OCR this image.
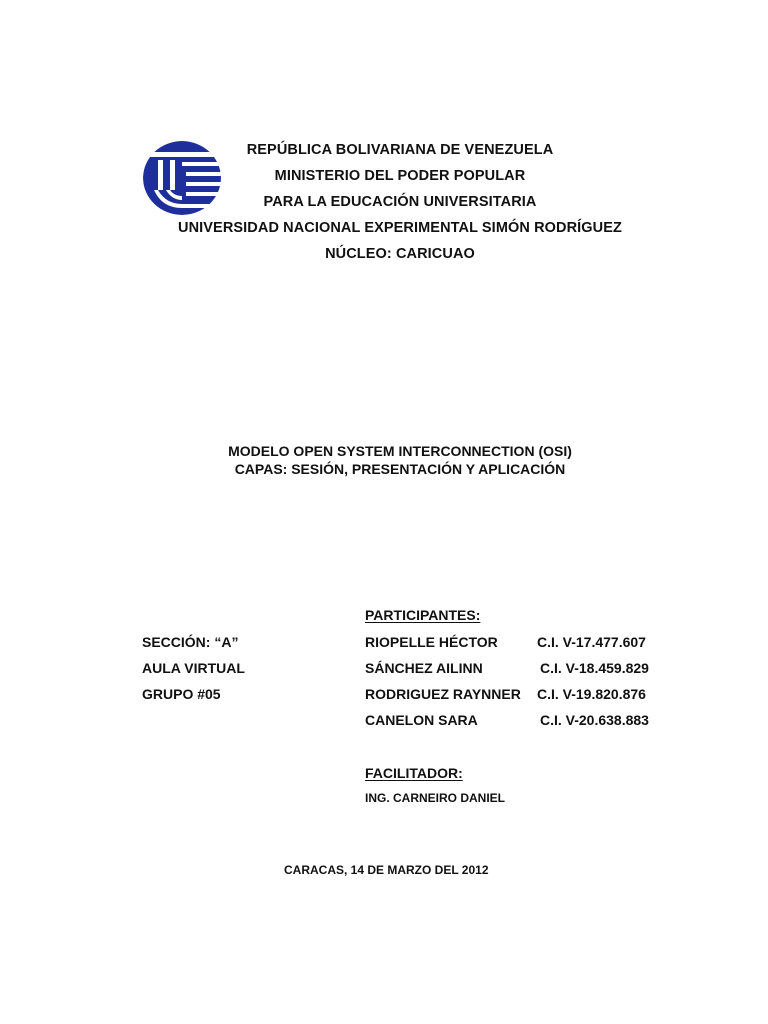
REPÚBLICA BOLIVARIANA DE VENEZUELA
MINISTERIO DEL PODER POPULAR
PARA LA EDUCACIÓN UNIVERSITARIA
UNIVERSIDAD NACIONAL EXPERIMENTAL SIMÓN RODRÍGUEZ
NÚCLEO: CARICUAO
MODELO OPEN SYSTEM INTERCONNECTION (OSI)
CAPAS: SESIÓN, PRESENTACIÓN Y APLICACIÓN
PARTICIPANTES:
SECCIÓN: “A”
AULA VIRTUAL
GRUPO #05
RIOPELLE HÉCTOR	C.I. V-17.477.607
SÁNCHEZ AILINN	C.I. V-18.459.829
RODRIGUEZ RAYNNER C.I. V-19.820.876
CANELON SARA	C.I. V-20.638.883
FACILITADOR:
ING. CARNEIRO DANIEL
CARACAS, 14 DE MARZO DEL 2012
